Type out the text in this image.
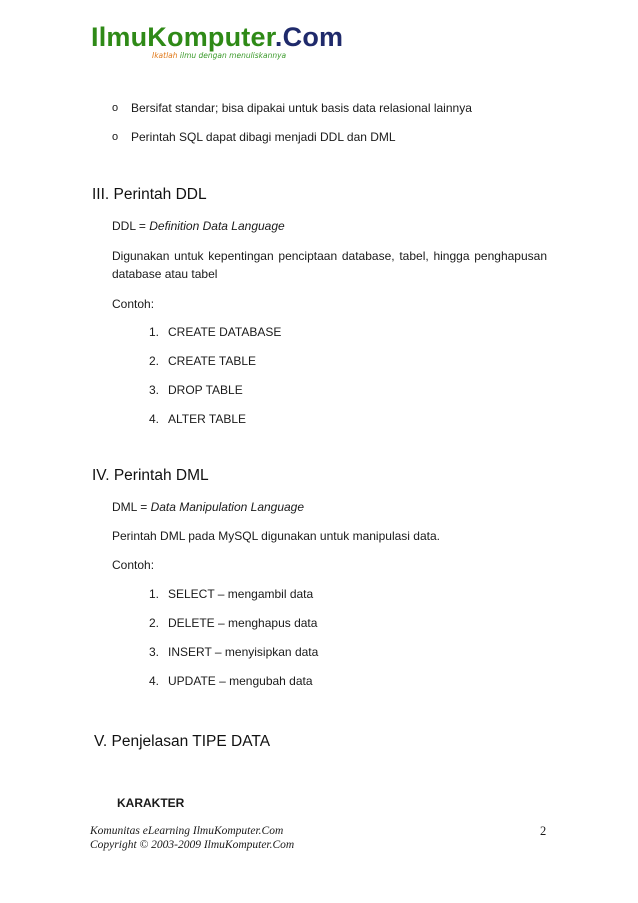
IlmuKomputer.Com
Ikatlah ilmu dengan menuliskannya
o Bersifat standar; bisa dipakai untuk basis data relasional lainnya
o Perintah SQL dapat dibagi menjadi DDL dan DML
III. Perintah DDL
DDL = Definition Data Language
Digunakan untuk kepentingan penciptaan database, tabel, hingga penghapusan
database atau tabel
Contoh:
1. CREATE DATABASE
2. CREATE TABLE
3. DROP TABLE
4. ALTER TABLE
IV. Perintah DML
DML = Data Manipulation Language
Perintah DML pada MySQL digunakan untuk manipulasi data.
Contoh:
1. SELECT – mengambil data
2. DELETE – menghapus data
3. INSERT – menyisipkan data
4. UPDATE – mengubah data
V. Penjelasan TIPE DATA
KARAKTER
Komunitas eLearning IlmuKomputer.Com
Copyright © 2003-2009 IlmuKomputer.Com
2
